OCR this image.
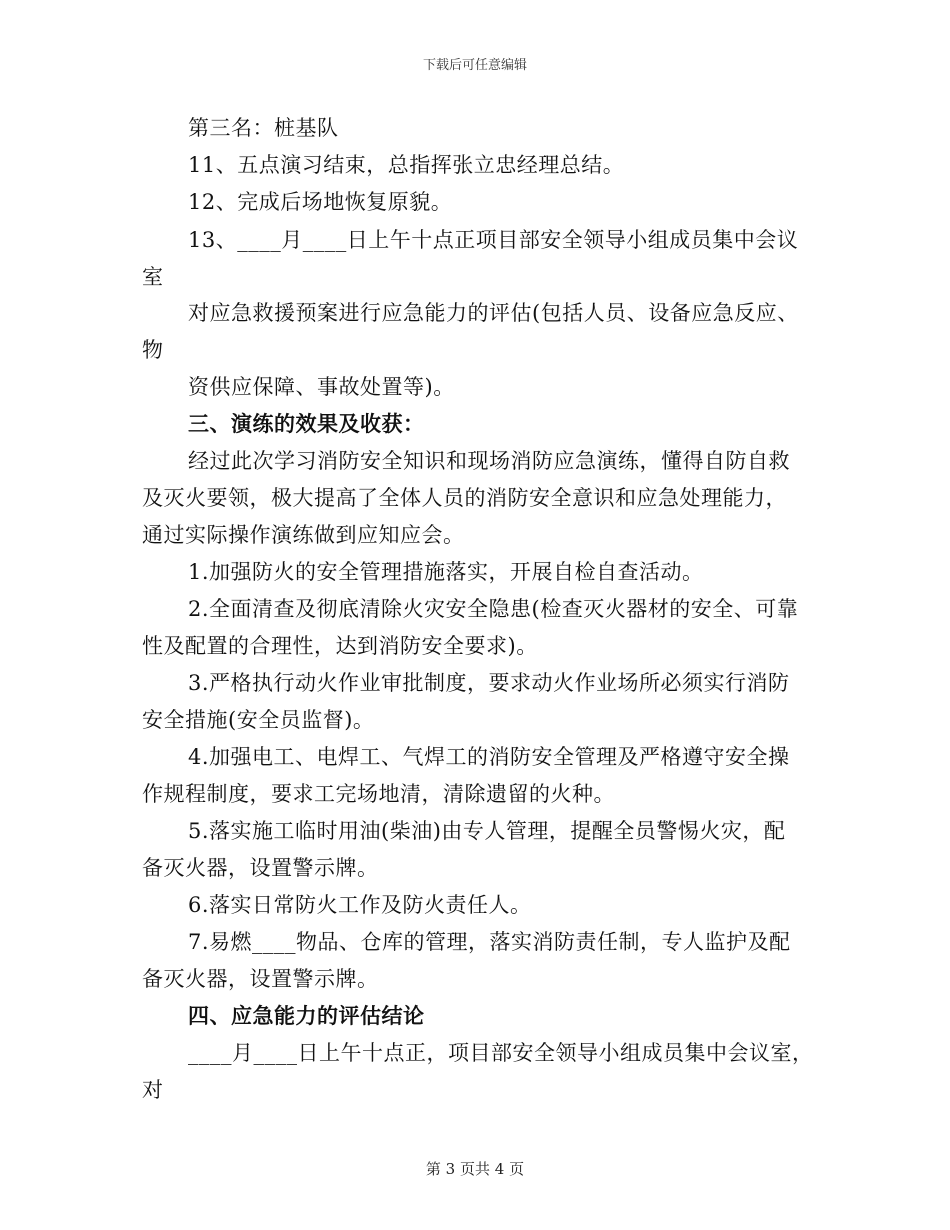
下载后可任意编辑
第三名：桩基队
11、五点演习结束，总指挥张立忠经理总结。
12、完成后场地恢复原貌。
13、____月____日上午十点正项目部安全领导小组成员集中会议
室
对应急救援预案进行应急能力的评估(包括人员、设备应急反应、
物
资供应保障、事故处置等)。
三、演练的效果及收获：
经过此次学习消防安全知识和现场消防应急演练，懂得自防自救
及灭火要领，极大提高了全体人员的消防安全意识和应急处理能力，
通过实际操作演练做到应知应会。
1.加强防火的安全管理措施落实，开展自检自查活动。
2.全面清查及彻底清除火灾安全隐患(检查灭火器材的安全、可靠
性及配置的合理性，达到消防安全要求)。
3.严格执行动火作业审批制度，要求动火作业场所必须实行消防
安全措施(安全员监督)。
4.加强电工、电焊工、气焊工的消防安全管理及严格遵守安全操
作规程制度，要求工完场地清，清除遗留的火种。
5.落实施工临时用油(柴油)由专人管理，提醒全员警惕火灾，配
备灭火器，设置警示牌。
6.落实日常防火工作及防火责任人。
7.易燃____物品、仓库的管理，落实消防责任制，专人监护及配
备灭火器，设置警示牌。
四、应急能力的评估结论
____月____日上午十点正，项目部安全领导小组成员集中会议室，
对
第 3 页共 4 页
